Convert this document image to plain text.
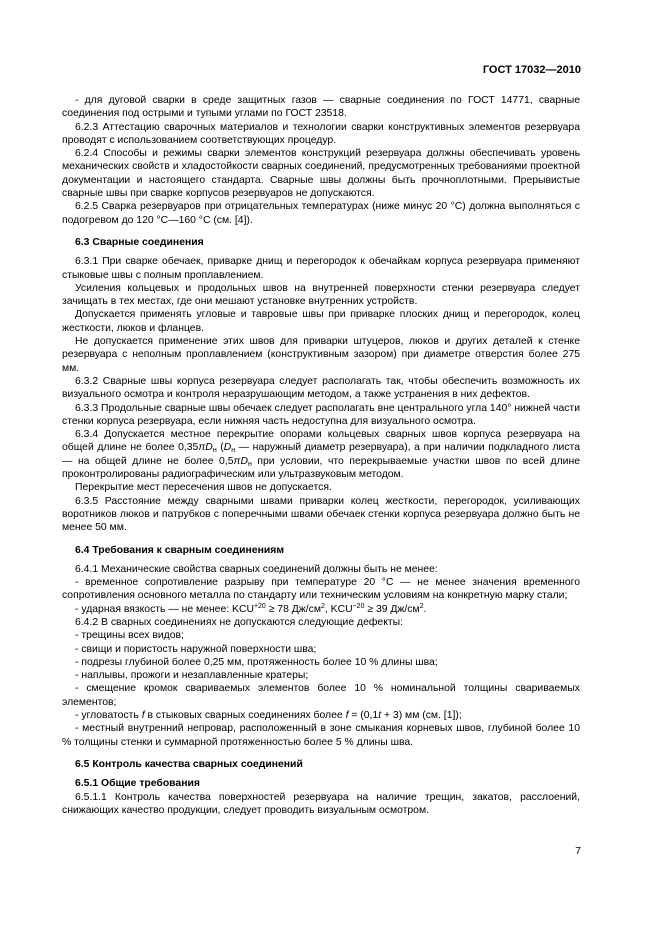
ГОСТ 17032—2010

- для дуговой сварки в среде защитных газов — сварные соединения по ГОСТ 14771, сварные соединения под острыми и тупыми углами по ГОСТ 23518.

6.2.3 Аттестацию сварочных материалов и технологии сварки конструктивных элементов резервуара проводят с использованием соответствующих процедур.

6.2.4 Способы и режимы сварки элементов конструкций резервуара должны обеспечивать уровень механических свойств и хладостойкости сварных соединений, предусмотренных требованиями проектной документации и настоящего стандарта. Сварные швы должны быть прочноплотными. Прерывистые сварные швы при сварке корпусов резервуаров не допускаются.

6.2.5 Сварка резервуаров при отрицательных температурах (ниже минус 20 °С) должна выполняться с подогревом до 120 °С—160 °С (см. [4]).

6.3 Сварные соединения

6.3.1 При сварке обечаек, приварке днищ и перегородок к обечайкам корпуса резервуара применяют стыковые швы с полным проплавлением.

Усиления кольцевых и продольных швов на внутренней поверхности стенки резервуара следует зачищать в тех местах, где они мешают установке внутренних устройств.

Допускается применять угловые и тавровые швы при приварке плоских днищ и перегородок, колец жесткости, люков и фланцев.

Не допускается применение этих швов для приварки штуцеров, люков и других деталей к стенке резервуара с неполным проплавлением (конструктивным зазором) при диаметре отверстия более 275 мм.

6.3.2 Сварные швы корпуса резервуара следует располагать так, чтобы обеспечить возможность их визуального осмотра и контроля неразрушающим методом, а также устранения в них дефектов.

6.3.3 Продольные сварные швы обечаек следует располагать вне центрального угла 140° нижней части стенки корпуса резервуара, если нижняя часть недоступна для визуального осмотра.

6.3.4 Допускается местное перекрытие опорами кольцевых сварных швов корпуса резервуара на общей длине не более $0,35\pi D_н$ ($D_н$ — наружный диаметр резервуара), а при наличии подкладного листа — на общей длине не более $0,5\pi D_н$ при условии, что перекрываемые участки швов по всей длине проконтролированы радиографическим или ультразвуковым методом.

Перекрытие мест пересечения швов не допускается.

6.3.5 Расстояние между сварными швами приварки колец жесткости, перегородок, усиливающих воротников люков и патрубков с поперечными швами обечаек стенки корпуса резервуара должно быть не менее 50 мм.

6.4 Требования к сварным соединениям

6.4.1 Механические свойства сварных соединений должны быть не менее:

- временное сопротивление разрыву при температуре 20 °С — не менее значения временного сопротивления основного металла по стандарту или техническим условиям на конкретную марку стали;

- ударная вязкость — не менее: $KCU^{+20} \ge 78$ $Дж/см^2$, $KCU^{-20} \ge 39$ $Дж/см^2$.

6.4.2 В сварных соединениях не допускаются следующие дефекты:

- трещины всех видов;

- свищи и пористость наружной поверхности шва;

- подрезы глубиной более 0,25 мм, протяженность более 10 % длины шва;

- наплывы, прожоги и незаплавленные кратеры;

- смещение кромок свариваемых элементов более 10 % номинальной толщины свариваемых элементов;

- угловатость f в стыковых сварных соединениях более f = (0,1t + 3) мм (см. [1]);

- местный внутренний непровар, расположенный в зоне смыкания корневых швов, глубиной более 10 % толщины стенки и суммарной протяженностью более 5 % длины шва.

6.5 Контроль качества сварных соединений

6.5.1 Общие требования

6.5.1.1 Контроль качества поверхностей резервуара на наличие трещин, закатов, расслоений, снижающих качество продукции, следует проводить визуальным осмотром.

7
